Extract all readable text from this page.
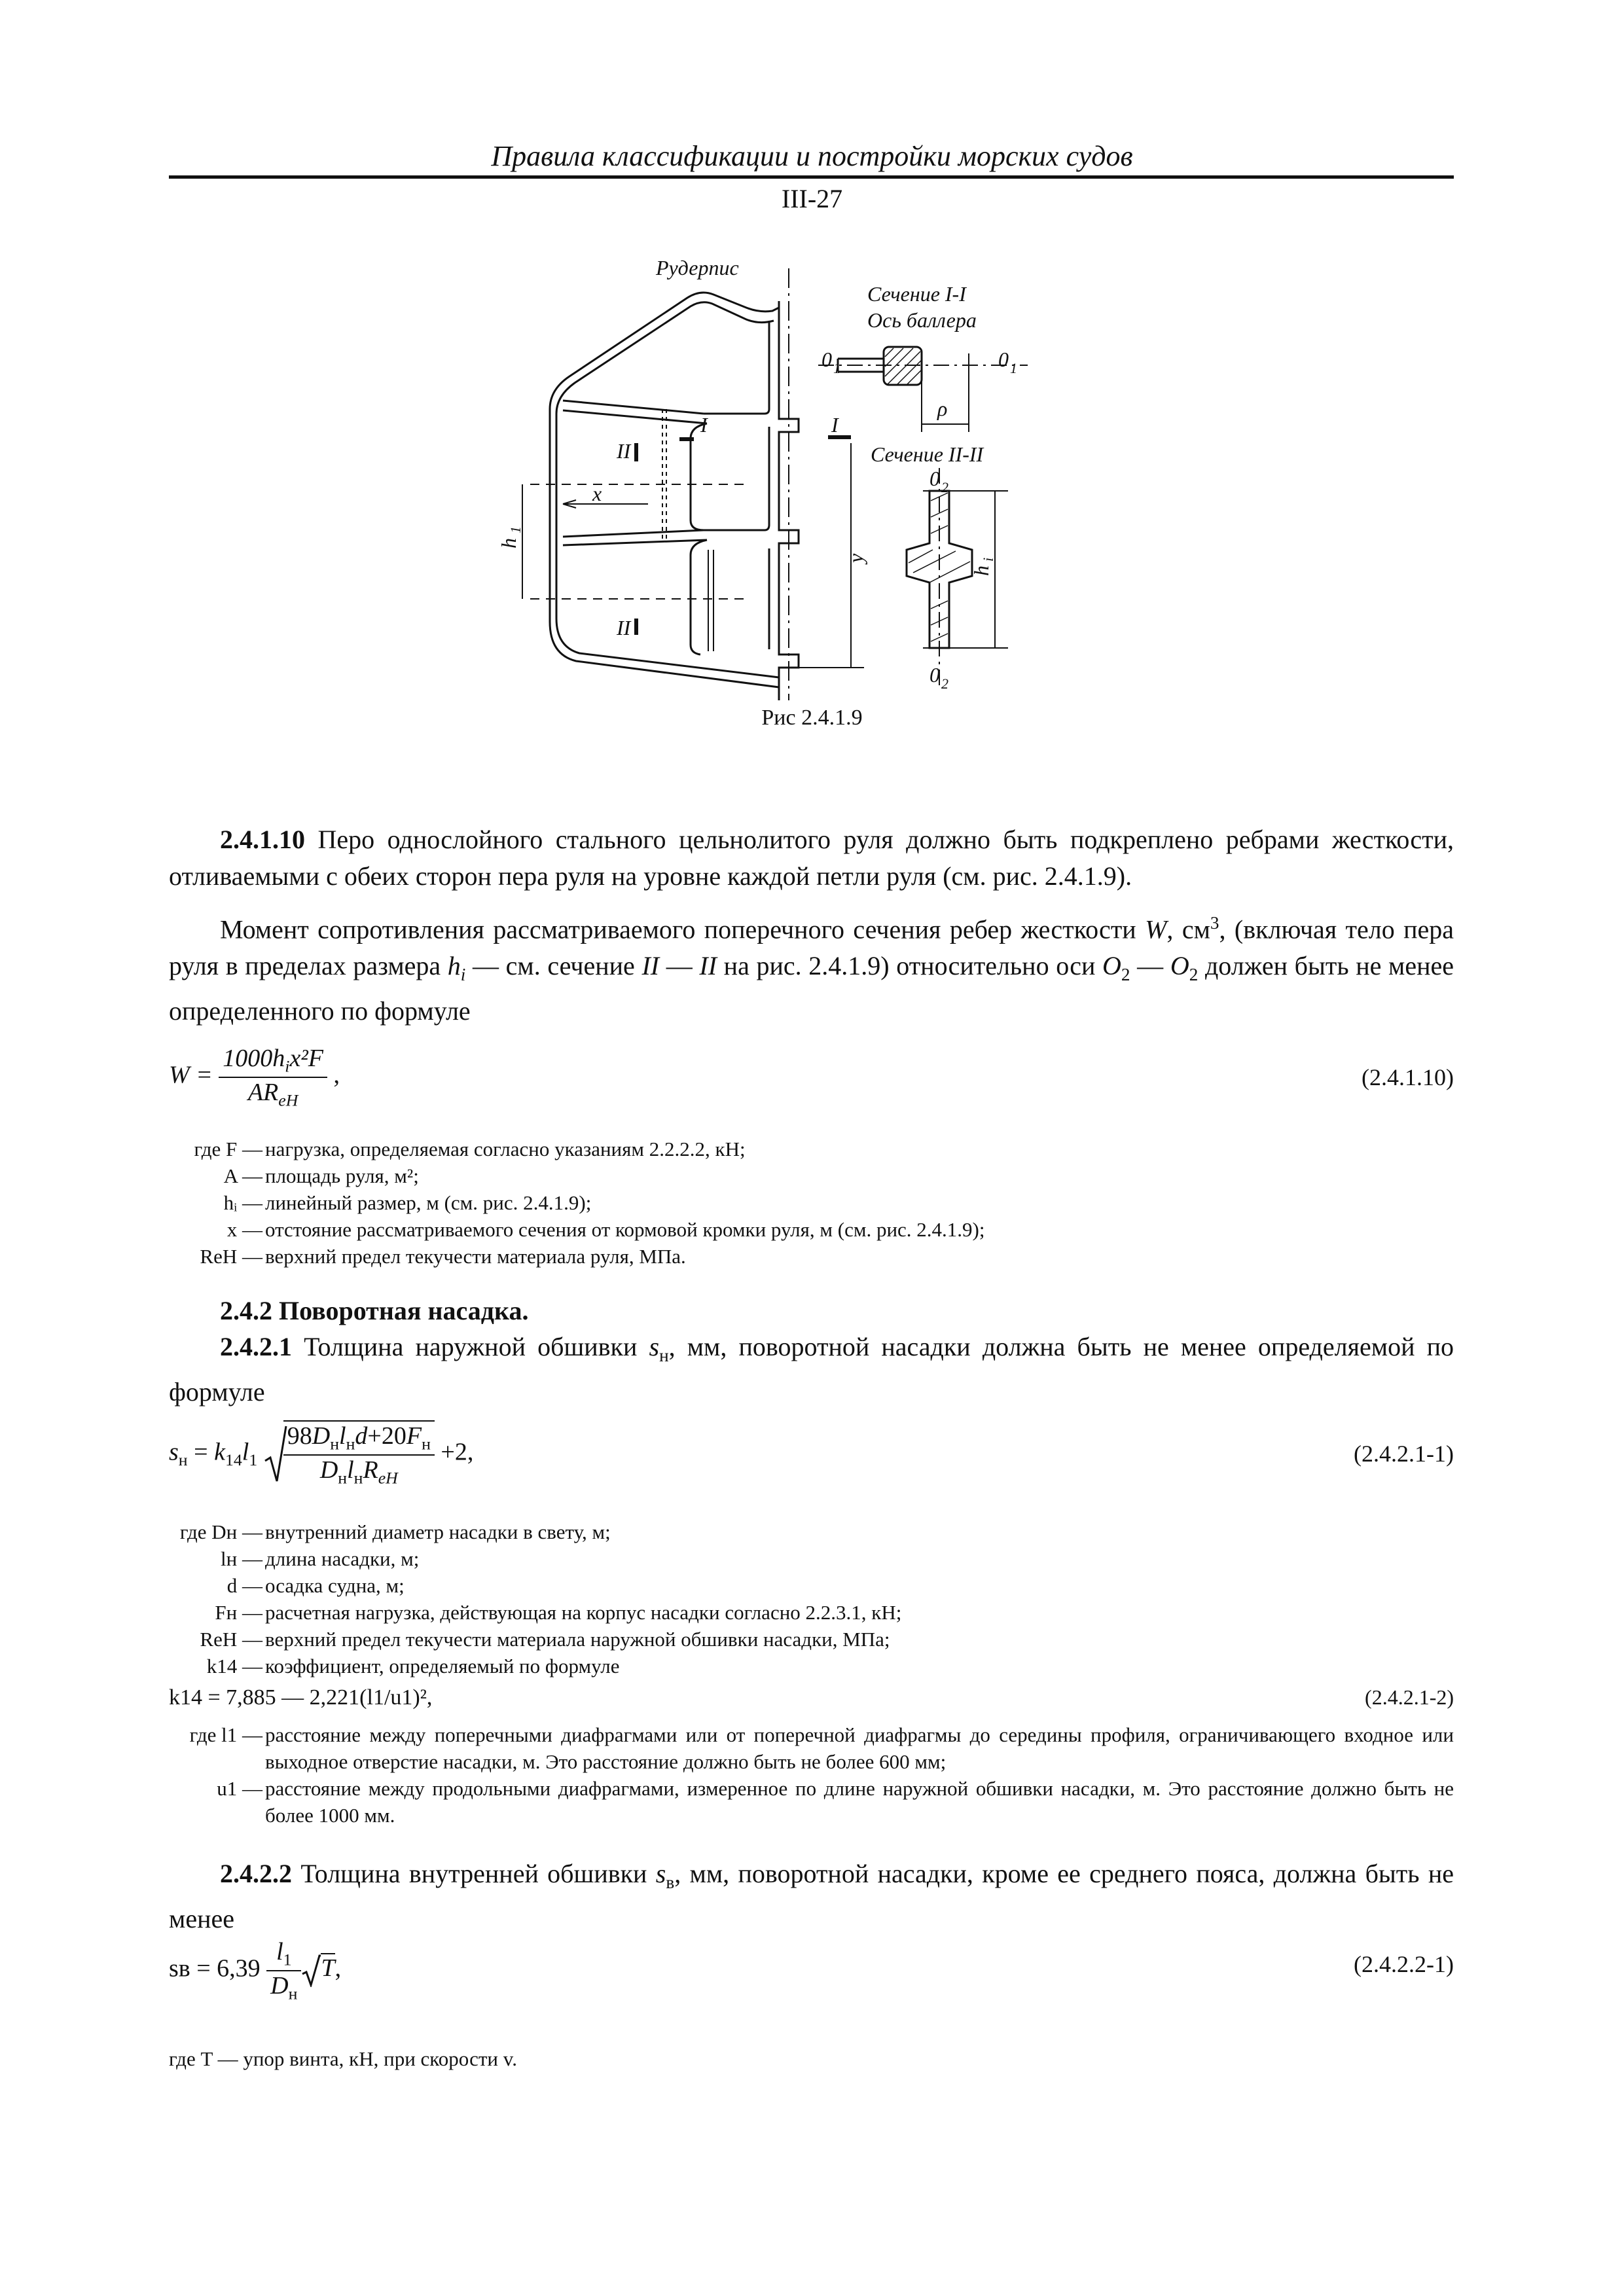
Правила классификации и постройки морских судов
III-27
Рудерпис
Сечение I-I
Ось баллера
0 1	0 1
ρ
Сечение II-II
0 2
0 2
I	I
II
II
x
y
h
1
h
i
Рис 2.4.1.9
2.4.1.10 Перо однослойного стального цельнолитого руля должно быть подкреплено ребрами жесткости, отливаемыми с обеих сторон пера руля на уровне каждой петли руля (см. рис. 2.4.1.9).
Момент сопротивления рассматриваемого поперечного сечения ребер жесткости W, $см^3$, (включая тело пера руля в пределах размера $h_i$ — см. сечение II — II на рис. 2.4.1.9) относительно оси $O_2$ — $O_2$ должен быть не менее определенного по формуле
$W = \frac{1000h_ix^2F}{AR_{eH}}$ ,	(2.4.1.10)
где F — нагрузка, определяемая согласно указаниям 2.2.2.2, кН;
A — площадь руля, м²;
hᵢ — линейный размер, м (см. рис. 2.4.1.9);
x — отстояние рассматриваемого сечения от кормовой кромки руля, м (см. рис. 2.4.1.9);
ReH — верхний предел текучести материала руля, МПа.
2.4.2 Поворотная насадка.
2.4.2.1 Толщина наружной обшивки $s_н$, мм, поворотной насадки должна быть не менее определяемой по формуле
$s_н = k_{14}l_1 \frac{98D_нl_нd+20F_н}{D_нl_нR_{eH}} +2$,	(2.4.2.1-1)
где Dн — внутренний диаметр насадки в свету, м;
lн — длина насадки, м;
d — осадка судна, м;
Fн — расчетная нагрузка, действующая на корпус насадки согласно 2.2.3.1, кН;
ReH — верхний предел текучести материала наружной обшивки насадки, МПа;
k14 — коэффициент, определяемый по формуле
k14 = 7,885 — 2,221(l1/u1)²,	(2.4.2.1-2)
где l1 — расстояние между поперечными диафрагмами или от поперечной диафрагмы до середины профиля, ограничивающего входное или выходное отверстие насадки, м. Это расстояние должно быть не более 600 мм;
u1 — расстояние между продольными диафрагмами, измеренное по длине наружной обшивки насадки, м. Это расстояние должно быть не более 1000 мм.
2.4.2.2 Толщина внутренней обшивки $s_в$, мм, поворотной насадки, кроме ее среднего пояса, должна быть не менее
sв = $6,39 \frac{l_1}{D_н} T$,	(2.4.2.2-1)
где T — упор винта, кН, при скорости v.
